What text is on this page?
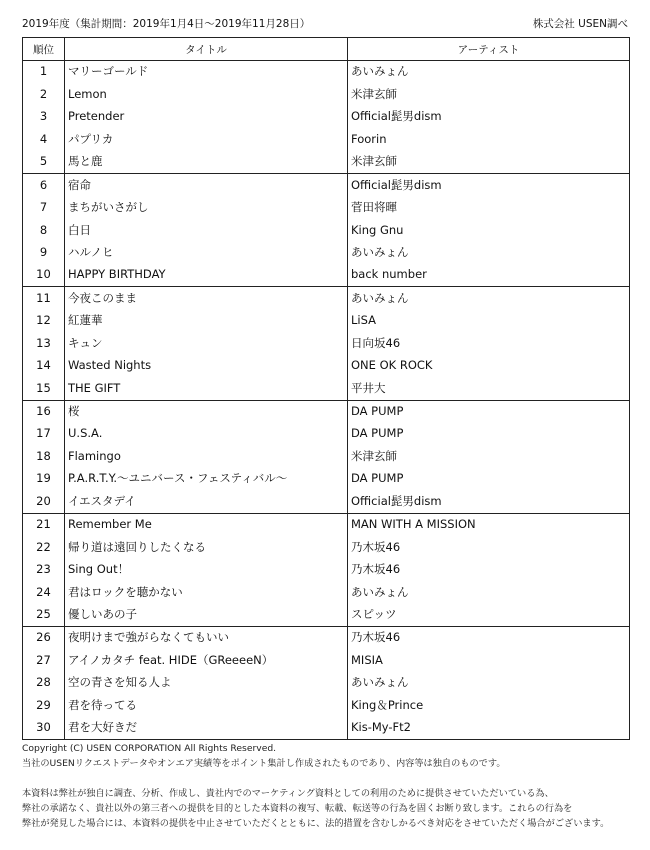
2019年度（集計期間：2019年1月4日～2019年11月28日）	株式会社 USEN調べ
順位	タイトル	アーティスト
1	マリーゴールド	あいみょん
2	Lemon	米津玄師
3	Pretender	Official髭男dism
4	パプリカ	Foorin
5	馬と鹿	米津玄師
6	宿命	Official髭男dism
7	まちがいさがし	菅田将暉
8	白日	King Gnu
9	ハルノヒ	あいみょん
10	HAPPY BIRTHDAY	back number
11	今夜このまま	あいみょん
12	紅蓮華	LiSA
13	キュン	日向坂46
14	Wasted Nights	ONE OK ROCK
15	THE GIFT	平井大
16	桜	DA PUMP
17	U.S.A.	DA PUMP
18	Flamingo	米津玄師
19	P.A.R.T.Y.～ユニバース・フェスティバル～	DA PUMP
20	イエスタデイ	Official髭男dism
21	Remember Me	MAN WITH A MISSION
22	帰り道は遠回りしたくなる	乃木坂46
23	Sing Out！	乃木坂46
24	君はロックを聴かない	あいみょん
25	優しいあの子	スピッツ
26	夜明けまで強がらなくてもいい	乃木坂46
27	アイノカタチ feat. HIDE（GReeeeN）	MISIA
28	空の青さを知る人よ	あいみょん
29	君を待ってる	King＆Prince
30	君を大好きだ	Kis-My-Ft2

Copyright (C) USEN CORPORATION All Rights Reserved.

当社のUSENリクエストデータやオンエア実績等をポイント集計し作成されたものであり、内容等は独自のものです。

本資料は弊社が独自に調査、分析、作成し、貴社内でのマーケティング資料としての利用のために提供させていただいている為、

弊社の承諾なく、貴社以外の第三者への提供を目的とした本資料の複写、転載、転送等の行為を固くお断り致します。これらの行為を

弊社が発見した場合には、本資料の提供を中止させていただくとともに、法的措置を含むしかるべき対応をさせていただく場合がございます。
